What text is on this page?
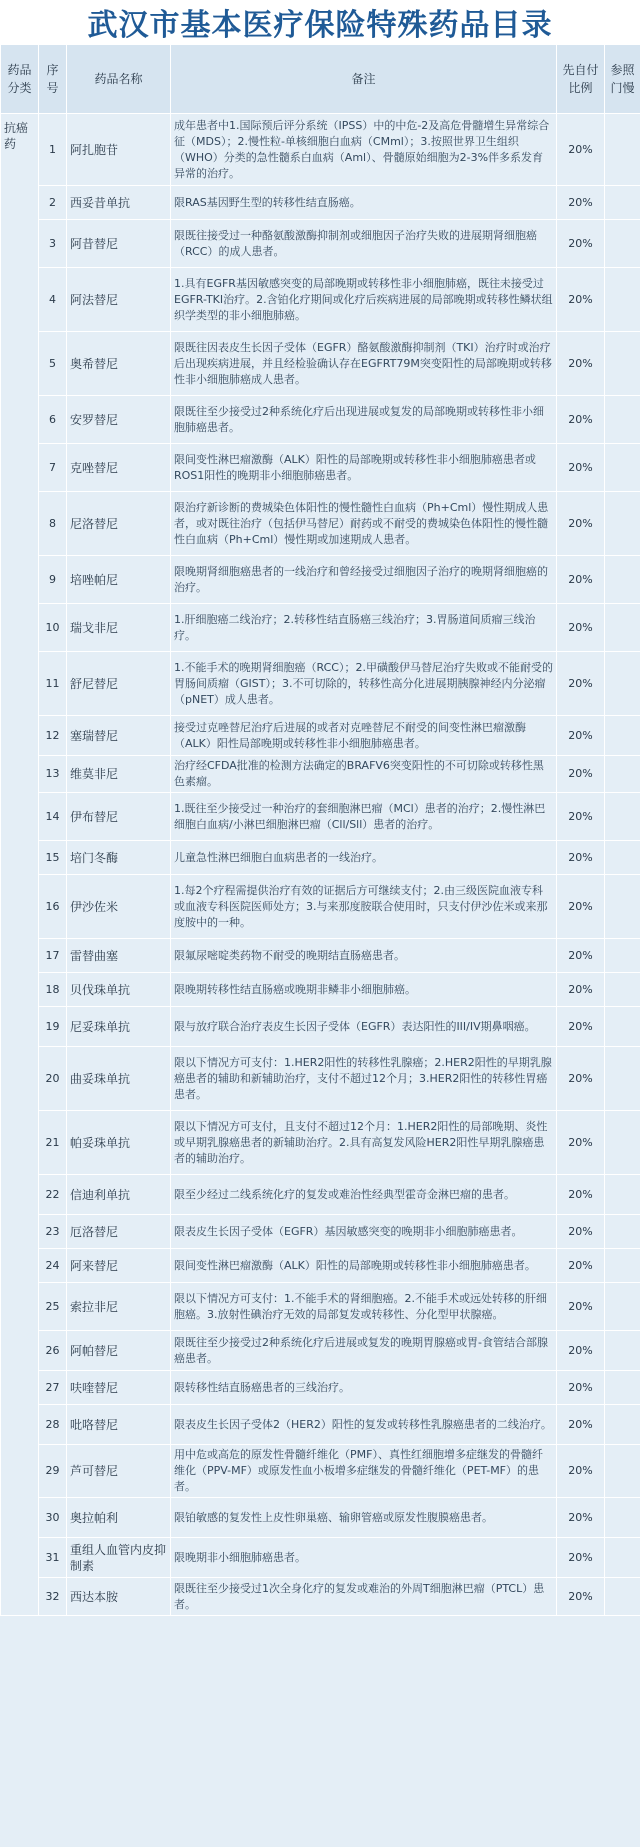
武汉市基本医疗保险特殊药品目录
药品分类	序号	药品名称	备注	先自付比例	参照门慢
抗癌药	1	阿扎胞苷	成年患者中1.国际预后评分系统（IPSS）中的中危-2及高危骨髓增生异常综合征（MDS）；2.慢性粒-单核细胞白血病（CMml）；3.按照世界卫生组织（WHO）分类的急性髓系白血病（Aml）、骨髓原始细胞为2-3%伴多系发育异常的治疗。	20%	
	2	西妥昔单抗	限RAS基因野生型的转移性结直肠癌。	20%	
	3	阿昔替尼	限既往接受过一种酪氨酸激酶抑制剂或细胞因子治疗失败的进展期肾细胞癌（RCC）的成人患者。	20%	
	4	阿法替尼	1.具有EGFR基因敏感突变的局部晚期或转移性非小细胞肺癌，既往未接受过EGFR-TKI治疗。2.含铂化疗期间或化疗后疾病进展的局部晚期或转移性鳞状组织学类型的非小细胞肺癌。	20%	
	5	奥希替尼	限既往因表皮生长因子受体（EGFR）酪氨酸激酶抑制剂（TKI）治疗时或治疗后出现疾病进展，并且经检验确认存在EGFRT79M突变阳性的局部晚期或转移性非小细胞肺癌成人患者。	20%	
	6	安罗替尼	限既往至少接受过2种系统化疗后出现进展或复发的局部晚期或转移性非小细胞肺癌患者。	20%	
	7	克唑替尼	限间变性淋巴瘤激酶（ALK）阳性的局部晚期或转移性非小细胞肺癌患者或ROS1阳性的晚期非小细胞肺癌患者。	20%	
	8	尼洛替尼	限治疗新诊断的费城染色体阳性的慢性髓性白血病（Ph+Cml）慢性期成人患者，或对既往治疗（包括伊马替尼）耐药或不耐受的费城染色体阳性的慢性髓性白血病（Ph+Cml）慢性期或加速期成人患者。	20%	
	9	培唑帕尼	限晚期肾细胞癌患者的一线治疗和曾经接受过细胞因子治疗的晚期肾细胞癌的治疗。	20%	
	10	瑞戈非尼	1.肝细胞癌二线治疗；2.转移性结直肠癌三线治疗；3.胃肠道间质瘤三线治疗。	20%	
	11	舒尼替尼	1.不能手术的晚期肾细胞癌（RCC）；2.甲磺酸伊马替尼治疗失败或不能耐受的胃肠间质瘤（GIST）；3.不可切除的，转移性高分化进展期胰腺神经内分泌瘤（pNET）成人患者。	20%	
	12	塞瑞替尼	接受过克唑替尼治疗后进展的或者对克唑替尼不耐受的间变性淋巴瘤激酶（ALK）阳性局部晚期或转移性非小细胞肺癌患者。	20%	
	13	维莫非尼	治疗经CFDA批准的检测方法确定的BRAFV6突变阳性的不可切除或转移性黑色素瘤。	20%	
	14	伊布替尼	1.既往至少接受过一种治疗的套细胞淋巴瘤（MCl）患者的治疗；2.慢性淋巴细胞白血病/小淋巴细胞淋巴瘤（Cll/Sll）患者的治疗。	20%	
	15	培门冬酶	儿童急性淋巴细胞白血病患者的一线治疗。	20%	
	16	伊沙佐米	1.每2个疗程需提供治疗有效的证据后方可继续支付；2.由三级医院血液专科或血液专科医院医师处方；3.与来那度胺联合使用时，只支付伊沙佐米或来那度胺中的一种。	20%	
	17	雷替曲塞	限氟尿嘧啶类药物不耐受的晚期结直肠癌患者。	20%	
	18	贝伐珠单抗	限晚期转移性结直肠癌或晚期非鳞非小细胞肺癌。	20%	
	19	尼妥珠单抗	限与放疗联合治疗表皮生长因子受体（EGFR）表达阳性的III/IV期鼻咽癌。	20%	
	20	曲妥珠单抗	限以下情况方可支付：1.HER2阳性的转移性乳腺癌；2.HER2阳性的早期乳腺癌患者的辅助和新辅助治疗，支付不超过12个月；3.HER2阳性的转移性胃癌患者。	20%	
	21	帕妥珠单抗	限以下情况方可支付，且支付不超过12个月：1.HER2阳性的局部晚期、炎性或早期乳腺癌患者的新辅助治疗。2.具有高复发风险HER2阳性早期乳腺癌患者的辅助治疗。	20%	
	22	信迪利单抗	限至少经过二线系统化疗的复发或难治性经典型霍奇金淋巴瘤的患者。	20%	
	23	厄洛替尼	限表皮生长因子受体（EGFR）基因敏感突变的晚期非小细胞肺癌患者。	20%	
	24	阿来替尼	限间变性淋巴瘤激酶（ALK）阳性的局部晚期或转移性非小细胞肺癌患者。	20%	
	25	索拉非尼	限以下情况方可支付：1.不能手术的肾细胞癌。2.不能手术或远处转移的肝细胞癌。3.放射性碘治疗无效的局部复发或转移性、分化型甲状腺癌。	20%	
	26	阿帕替尼	限既往至少接受过2种系统化疗后进展或复发的晚期胃腺癌或胃-食管结合部腺癌患者。	20%	
	27	呋喹替尼	限转移性结直肠癌患者的三线治疗。	20%	
	28	吡咯替尼	限表皮生长因子受体2（HER2）阳性的复发或转移性乳腺癌患者的二线治疗。	20%	
	29	芦可替尼	用中危或高危的原发性骨髓纤维化（PMF）、真性红细胞增多症继发的骨髓纤维化（PPV-MF）或原发性血小板增多症继发的骨髓纤维化（PET-MF）的患者。	20%	
	30	奥拉帕利	限铂敏感的复发性上皮性卵巢癌、输卵管癌或原发性腹膜癌患者。	20%	
	31	重组人血管内皮抑制素	限晚期非小细胞肺癌患者。	20%	
	32	西达本胺	限既往至少接受过1次全身化疗的复发或难治的外周T细胞淋巴瘤（PTCL）患者。	20%	
